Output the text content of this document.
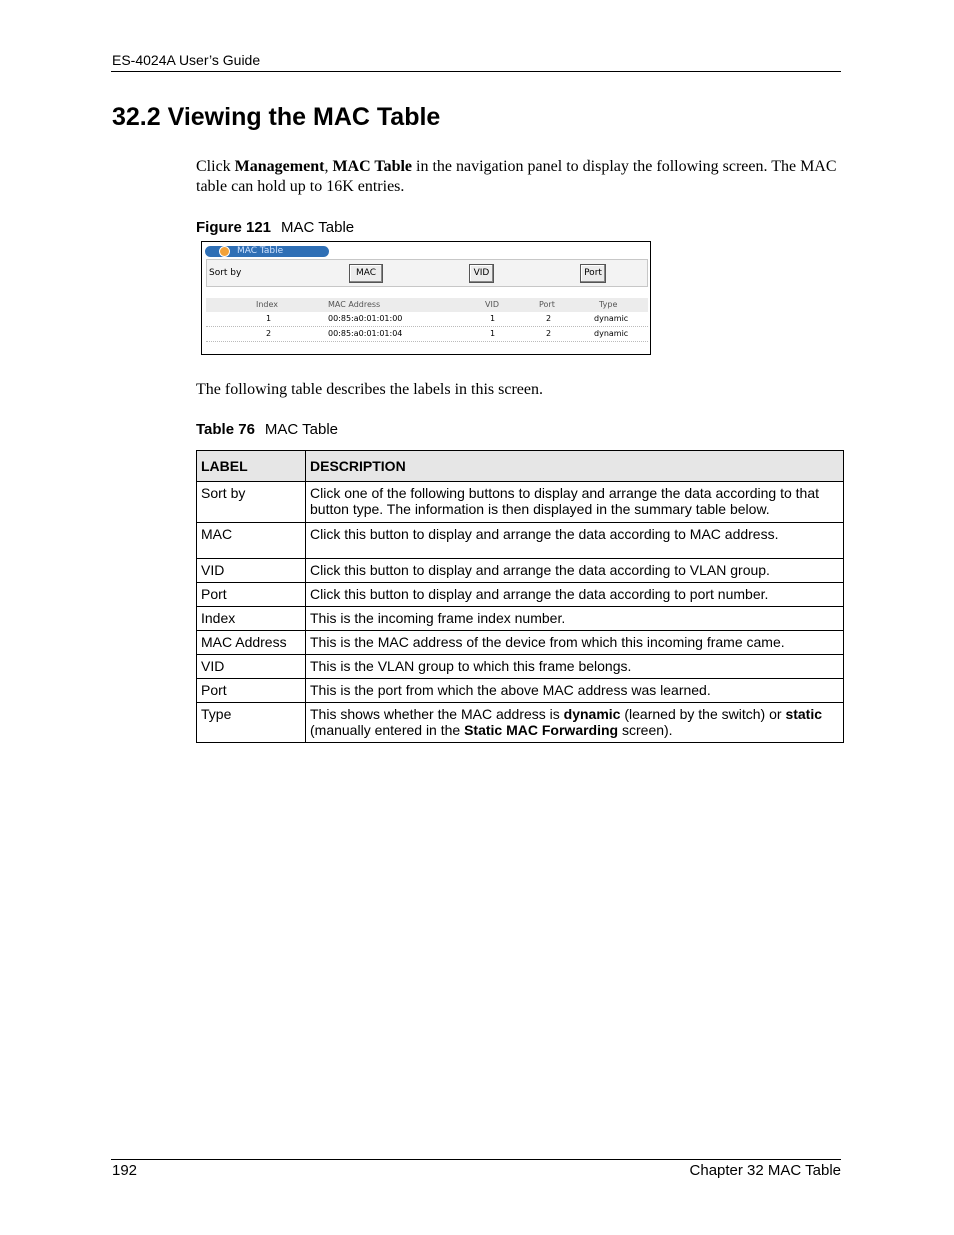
ES-4024A User’s Guide
32.2 Viewing the MAC Table

Click Management, MAC Table in the navigation panel to display the following screen. The MAC table can hold up to 16K entries.

Figure 121 MAC Table
MAC Table
Sort by	MAC	VID	Port
Index	MAC Address	VID	Port	Type
1	00:85:a0:01:01:00	1	2	dynamic
2	00:85:a0:01:01:04	1	2	dynamic

The following table describes the labels in this screen.

Table 76 MAC Table
LABEL	DESCRIPTION
Sort by	Click one of the following buttons to display and arrange the data according to that button type. The information is then displayed in the summary table below.
MAC	Click this button to display and arrange the data according to MAC address.
VID	Click this button to display and arrange the data according to VLAN group.
Port	Click this button to display and arrange the data according to port number.
Index	This is the incoming frame index number.
MAC Address	This is the MAC address of the device from which this incoming frame came.
VID	This is the VLAN group to which this frame belongs.
Port	This is the port from which the above MAC address was learned.
Type	This shows whether the MAC address is dynamic (learned by the switch) or static (manually entered in the Static MAC Forwarding screen).
192	Chapter 32 MAC Table
